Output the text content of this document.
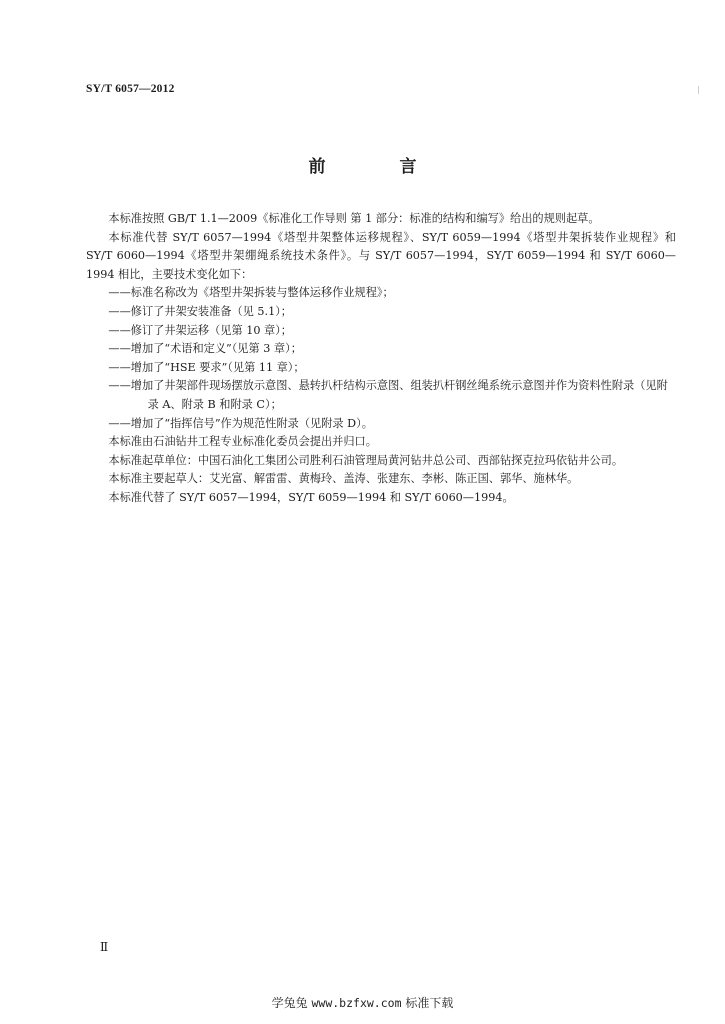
SY/T 6057—2012
前 言

本标准按照 GB/T 1.1—2009《标准化工作导则 第 1 部分：标准的结构和编写》给出的规则起草。

本标准代替 SY/T 6057—1994《塔型井架整体运移规程》、SY/T 6059—1994《塔型井架拆装作业规程》和 SY/T 6060—1994《塔型井架绷绳系统技术条件》。与 SY/T 6057—1994，SY/T 6059—1994 和 SY/T 6060—1994 相比，主要技术变化如下：

——标准名称改为《塔型井架拆装与整体运移作业规程》；

——修订了井架安装准备（见 5.1）；

——修订了井架运移（见第 10 章）；

——增加了“术语和定义”（见第 3 章）；

——增加了“HSE 要求”（见第 11 章）；

——增加了井架部件现场摆放示意图、悬转扒杆结构示意图、组装扒杆钢丝绳系统示意图并作为资料性附录（见附录 A、附录 B 和附录 C）；

——增加了“指挥信号”作为规范性附录（见附录 D）。

本标准由石油钻井工程专业标准化委员会提出并归口。

本标准起草单位：中国石油化工集团公司胜利石油管理局黄河钻井总公司、西部钻探克拉玛依钻井公司。

本标准主要起草人：艾光富、解雷雷、黄梅玲、盖涛、张建东、李彬、陈正国、郭华、施林华。

本标准代替了 SY/T 6057—1994，SY/T 6059—1994 和 SY/T 6060—1994。

Ⅱ
学兔兔 www.bzfxw.com 标准下载
